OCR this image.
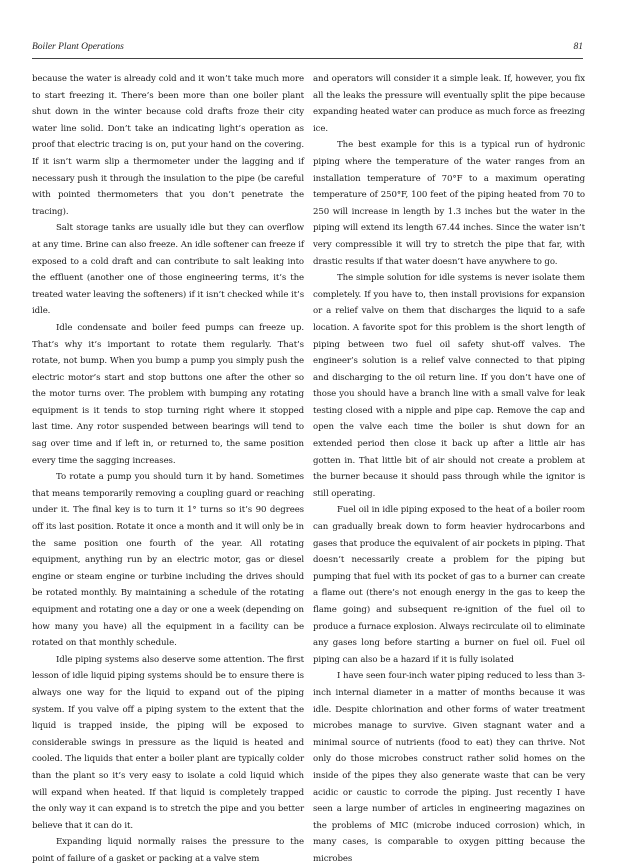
Boiler Plant Operations	81

because the water is already cold and it won’t take much more to start freezing it. There’s been more than one boiler plant shut down in the winter because cold drafts froze their city water line solid. Don’t take an indicating light’s operation as proof that electric tracing is on, put your hand on the covering. If it isn’t warm slip a thermometer under the lagging and if necessary push it through the insulation to the pipe (be careful with pointed thermometers that you don’t penetrate the tracing).

Salt storage tanks are usually idle but they can overflow at any time. Brine can also freeze. An idle softener can freeze if exposed to a cold draft and can contribute to salt leaking into the effluent (another one of those engineering terms, it’s the treated water leaving the softeners) if it isn’t checked while it’s idle.

Idle condensate and boiler feed pumps can freeze up. That’s why it’s important to rotate them regularly. That’s rotate, not bump. When you bump a pump you simply push the electric motor’s start and stop buttons one after the other so the motor turns over. The problem with bumping any rotating equipment is it tends to stop turning right where it stopped last time. Any rotor suspended between bearings will tend to sag over time and if left in, or returned to, the same position every time the sagging increases.

To rotate a pump you should turn it by hand. Sometimes that means temporarily removing a coupling guard or reaching under it. The final key is to turn it 1° turns so it’s 90 degrees off its last position. Rotate it once a month and it will only be in the same position one fourth of the year. All rotating equipment, anything run by an electric motor, gas or diesel engine or steam engine or turbine including the drives should be rotated monthly. By maintaining a schedule of the rotating equipment and rotating one a day or one a week (depending on how many you have) all the equipment in a facility can be rotated on that monthly schedule.

Idle piping systems also deserve some attention. The first lesson of idle liquid piping systems should be to ensure there is always one way for the liquid to expand out of the piping system. If you valve off a piping system to the extent that the liquid is trapped inside, the piping will be exposed to considerable swings in pressure as the liquid is heated and cooled. The liquids that enter a boiler plant are typically colder than the plant so it’s very easy to isolate a cold liquid which will expand when heated. If that liquid is completely trapped the only way it can expand is to stretch the pipe and you better believe that it can do it.

Expanding liquid normally raises the pressure to the point of failure of a gasket or packing at a valve stem

and operators will consider it a simple leak. If, however, you fix all the leaks the pressure will eventually split the pipe because expanding heated water can produce as much force as freezing ice.

The best example for this is a typical run of hydronic piping where the temperature of the water ranges from an installation temperature of 70°F to a maximum operating temperature of 250°F, 100 feet of the piping heated from 70 to 250 will increase in length by 1.3 inches but the water in the piping will extend its length 67.44 inches. Since the water isn’t very compressible it will try to stretch the pipe that far, with drastic results if that water doesn’t have anywhere to go.

The simple solution for idle systems is never isolate them completely. If you have to, then install provisions for expansion or a relief valve on them that discharges the liquid to a safe location. A favorite spot for this problem is the short length of piping between two fuel oil safety shut-off valves. The engineer’s solution is a relief valve connected to that piping and discharging to the oil return line. If you don’t have one of those you should have a branch line with a small valve for leak testing closed with a nipple and pipe cap. Remove the cap and open the valve each time the boiler is shut down for an extended period then close it back up after a little air has gotten in. That little bit of air should not create a problem at the burner because it should pass through while the ignitor is still operating.

Fuel oil in idle piping exposed to the heat of a boiler room can gradually break down to form heavier hydrocarbons and gases that produce the equivalent of air pockets in piping. That doesn’t necessarily create a problem for the piping but pumping that fuel with its pocket of gas to a burner can create a flame out (there’s not enough energy in the gas to keep the flame going) and subsequent re-ignition of the fuel oil to produce a furnace explosion. Always recirculate oil to eliminate any gases long before starting a burner on fuel oil. Fuel oil piping can also be a hazard if it is fully isolated

I have seen four-inch water piping reduced to less than 3-inch internal diameter in a matter of months because it was idle. Despite chlorination and other forms of water treatment microbes manage to survive. Given stagnant water and a minimal source of nutrients (food to eat) they can thrive. Not only do those microbes construct rather solid homes on the inside of the pipes they also generate waste that can be very acidic or caustic to corrode the piping. Just recently I have seen a large number of articles in engineering magazines on the problems of MIC (microbe induced corrosion) which, in many cases, is comparable to oxygen pitting because the microbes
